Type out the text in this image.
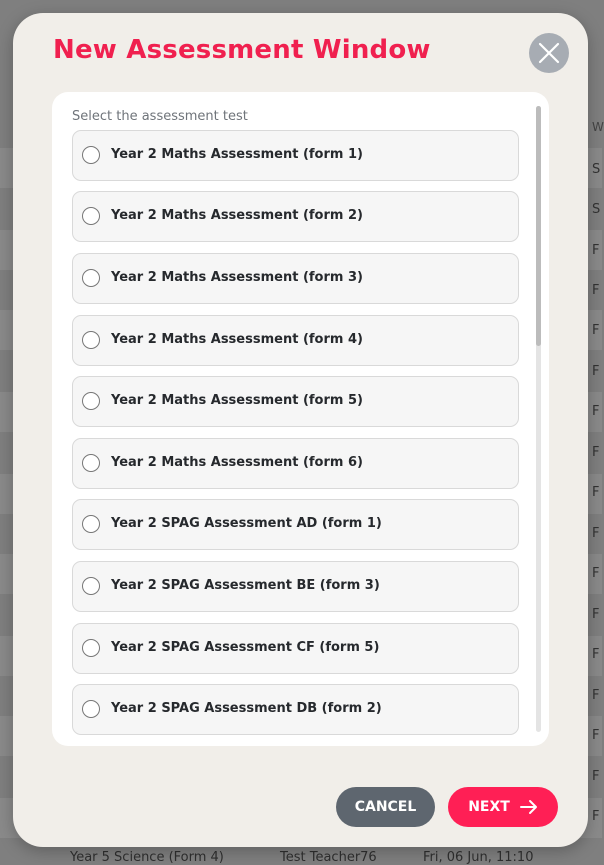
W
S
S
F
F
F
F
F
F
F
F
F
F
F
F
F
F
F
Year 5 Science (Form 4)	Test Teacher76	Fri, 06 Jun, 11:10
New Assessment Window
Select the assessment test
Year 2 Maths Assessment (form 1)
Year 2 Maths Assessment (form 2)
Year 2 Maths Assessment (form 3)
Year 2 Maths Assessment (form 4)
Year 2 Maths Assessment (form 5)
Year 2 Maths Assessment (form 6)
Year 2 SPAG Assessment AD (form 1)
Year 2 SPAG Assessment BE (form 3)
Year 2 SPAG Assessment CF (form 5)
Year 2 SPAG Assessment DB (form 2)
CANCEL	NEXT
